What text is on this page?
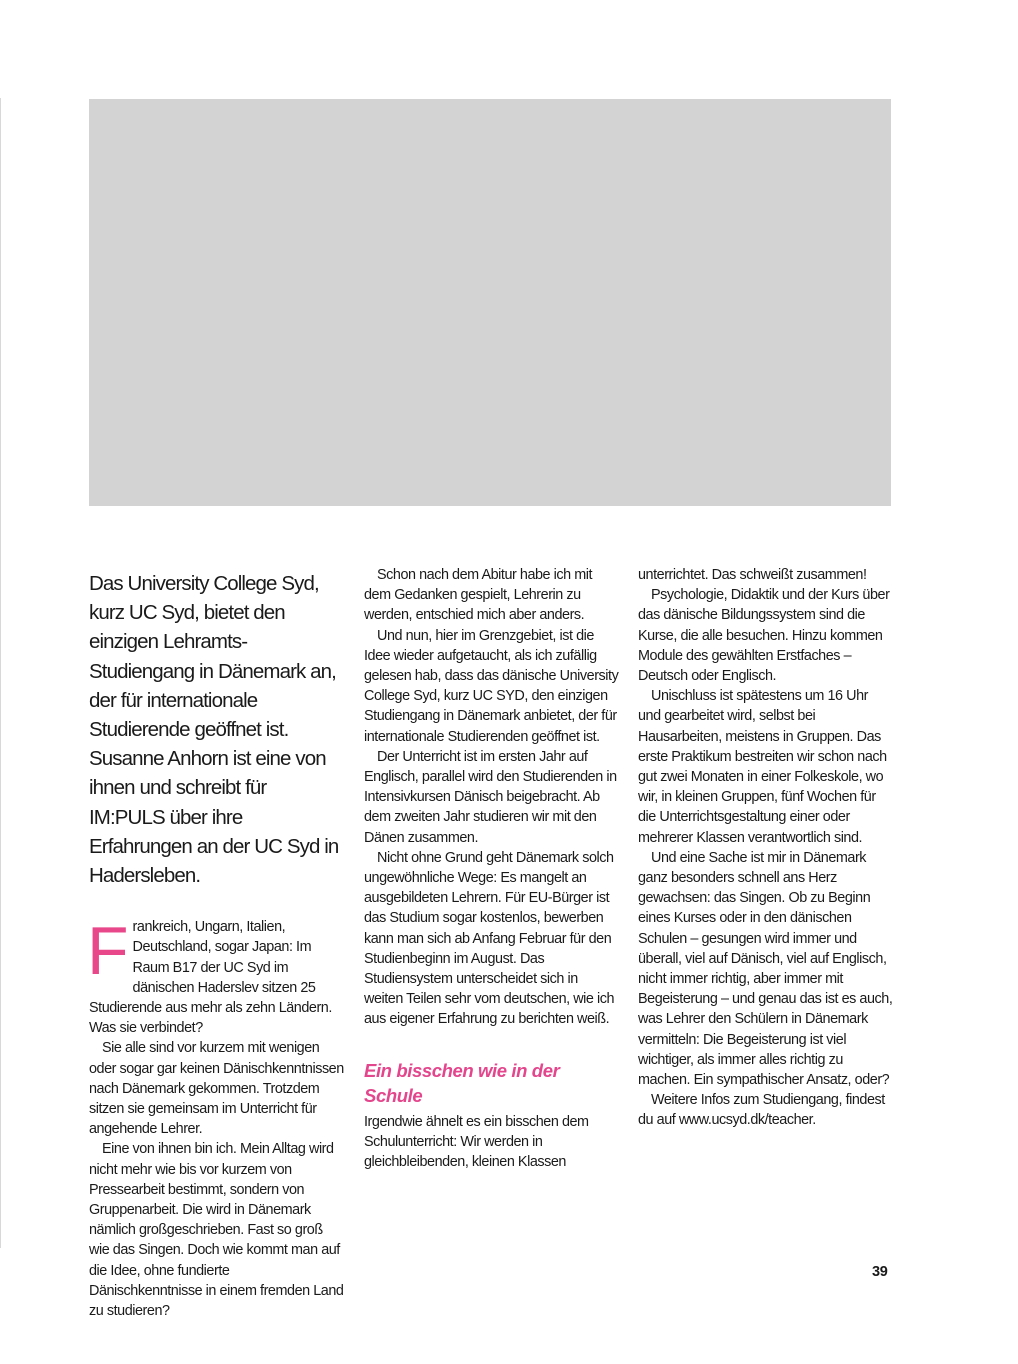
Das University College Syd, kurz UC Syd, bietet den einzigen Lehramts-Studiengang in Dänemark an, der für internationale Studierende geöffnet ist. Susanne Anhorn ist eine von ihnen und schreibt für IM:PULS über ihre Erfahrungen an der UC Syd in Hadersleben.

F rankreich, Ungarn, Italien, Deutschland, sogar Japan: Im Raum B17 der UC Syd im dänischen Haderslev sitzen 25 Studierende aus mehr als zehn Ländern. Was sie verbindet?

Sie alle sind vor kurzem mit wenigen oder sogar gar keinen Dänischkenntnissen nach Dänemark gekommen. Trotzdem sitzen sie gemeinsam im Unterricht für angehende Lehrer.

Eine von ihnen bin ich. Mein Alltag wird nicht mehr wie bis vor kurzem von Pressearbeit bestimmt, sondern von Gruppenarbeit. Die wird in Dänemark nämlich großgeschrieben. Fast so groß wie das Singen. Doch wie kommt man auf die Idee, ohne fundierte Dänischkenntnisse in einem fremden Land zu studieren?

Schon nach dem Abitur habe ich mit dem Gedanken gespielt, Lehrerin zu werden, entschied mich aber anders.

Und nun, hier im Grenzgebiet, ist die Idee wieder aufgetaucht, als ich zufällig gelesen hab, dass das dänische University College Syd, kurz UC SYD, den einzigen Studiengang in Dänemark anbietet, der für internationale Studierenden geöffnet ist.

Der Unterricht ist im ersten Jahr auf Englisch, parallel wird den Studierenden in Intensivkursen Dänisch beigebracht. Ab dem zweiten Jahr studieren wir mit den Dänen zusammen.

Nicht ohne Grund geht Dänemark solch ungewöhnliche Wege: Es mangelt an ausgebildeten Lehrern. Für EU-Bürger ist das Studium sogar kostenlos, bewerben kann man sich ab Anfang Februar für den Studienbeginn im August. Das Studiensystem unterscheidet sich in weiten Teilen sehr vom deutschen, wie ich aus eigener Erfahrung zu berichten weiß.

Ein bisschen wie in der Schule

Irgendwie ähnelt es ein bisschen dem Schulunterricht: Wir werden in gleichbleibenden, kleinen Klassen

unterrichtet. Das schweißt zusammen!

Psychologie, Didaktik und der Kurs über das dänische Bildungssystem sind die Kurse, die alle besuchen. Hinzu kommen Module des gewählten Erstfaches – Deutsch oder Englisch.

Unischluss ist spätestens um 16 Uhr und gearbeitet wird, selbst bei Hausarbeiten, meistens in Gruppen. Das erste Praktikum bestreiten wir schon nach gut zwei Monaten in einer Folkeskole, wo wir, in kleinen Gruppen, fünf Wochen für die Unterrichtsgestaltung einer oder mehrerer Klassen verantwortlich sind.

Und eine Sache ist mir in Dänemark ganz besonders schnell ans Herz gewachsen: das Singen. Ob zu Beginn eines Kurses oder in den dänischen Schulen – gesungen wird immer und überall, viel auf Dänisch, viel auf Englisch, nicht immer richtig, aber immer mit Begeisterung – und genau das ist es auch, was Lehrer den Schülern in Dänemark vermitteln: Die Begeisterung ist viel wichtiger, als immer alles richtig zu machen. Ein sympathischer Ansatz, oder?

Weitere Infos zum Studiengang, findest du auf www.ucsyd.dk/teacher.

39
